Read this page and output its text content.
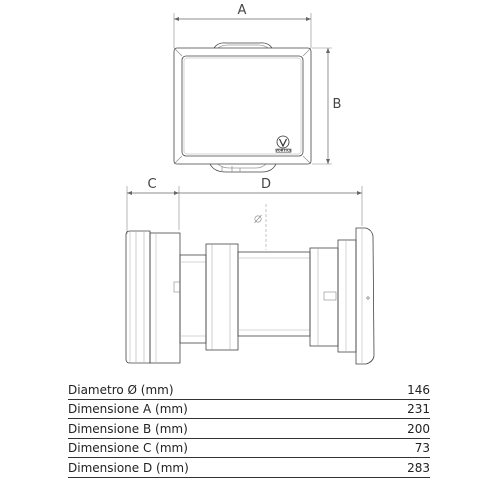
A
B
C	D
VORTICE
Diametro Ø (mm)	146
Dimensione A (mm)	231
Dimensione B (mm)	200
Dimensione C (mm)	73
Dimensione D (mm)	283
